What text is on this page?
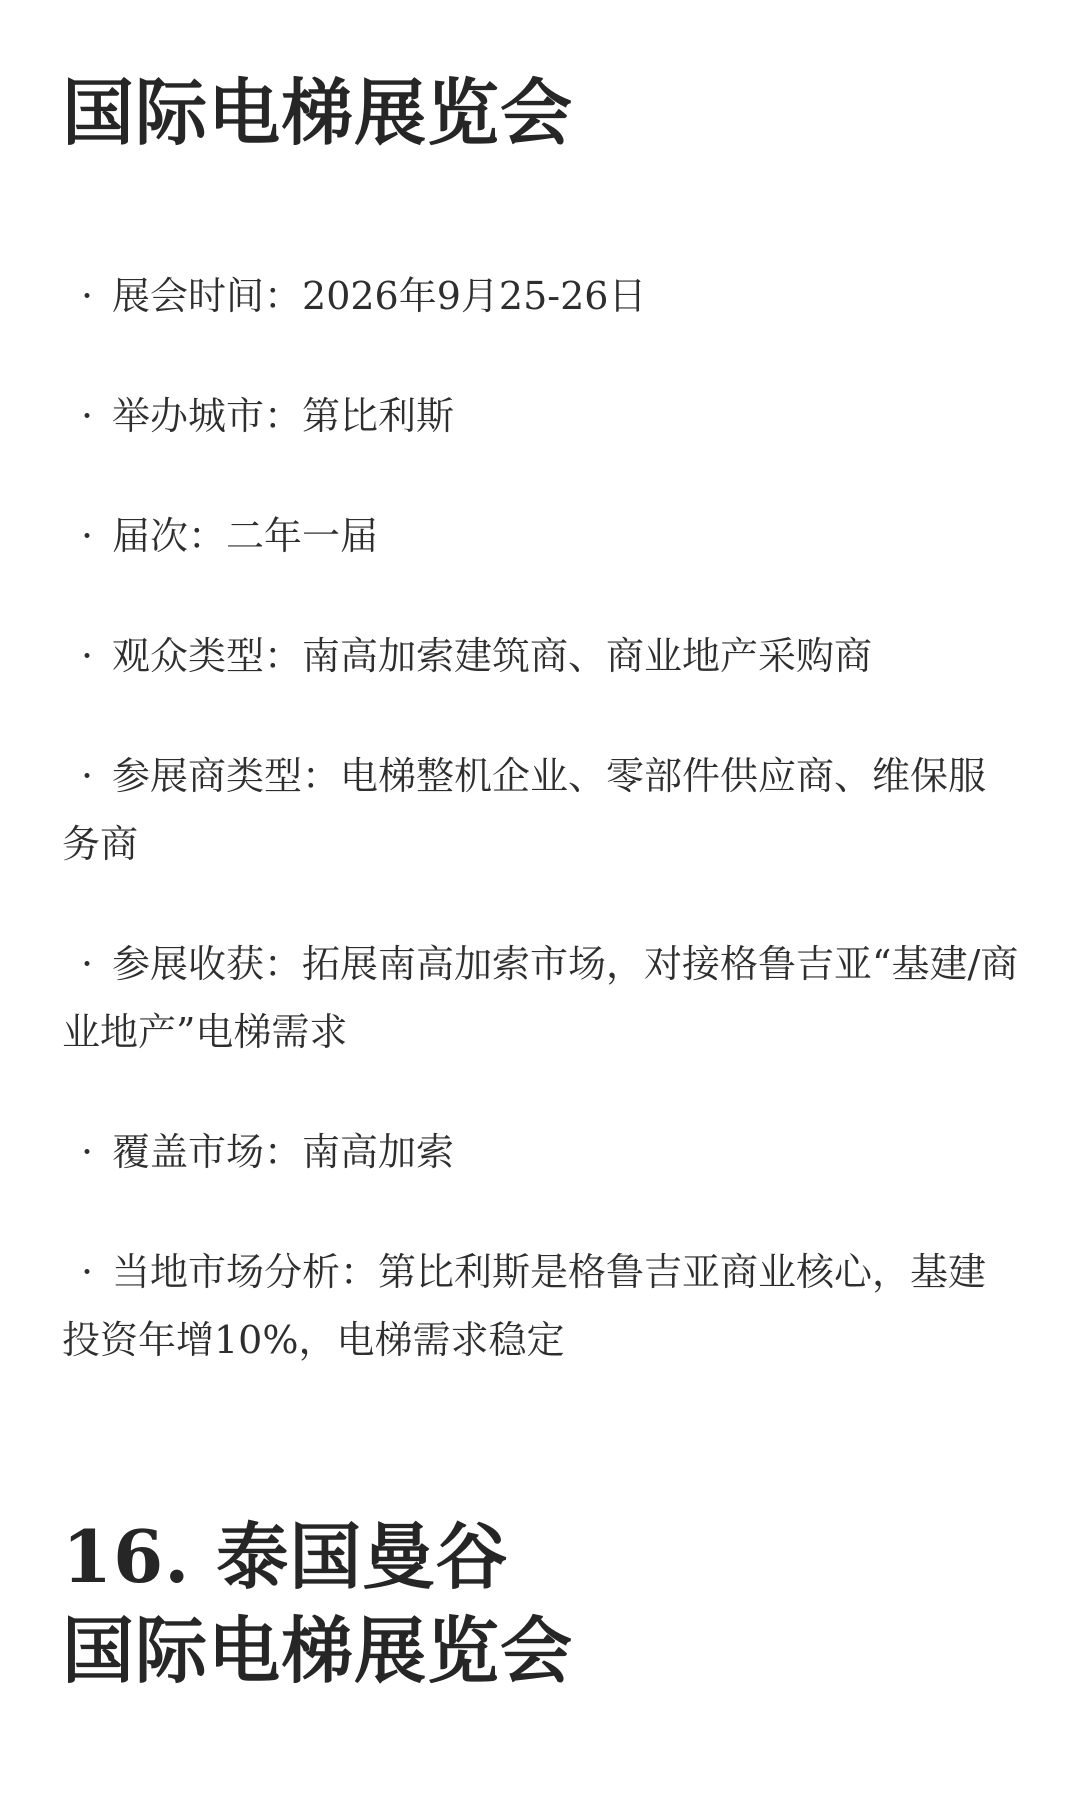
国际电梯展览会
· 展会时间：2026年9月25-26日
· 举办城市：第比利斯
· 届次：二年一届
· 观众类型：南高加索建筑商、商业地产采购商
· 参展商类型：电梯整机企业、零部件供应商、维保服务商
· 参展收获：拓展南高加索市场，对接格鲁吉亚“基建/商业地产”电梯需求
· 覆盖市场：南高加索
· 当地市场分析：第比利斯是格鲁吉亚商业核心，基建投资年增10%，电梯需求稳定
16. 泰国曼谷
国际电梯展览会
